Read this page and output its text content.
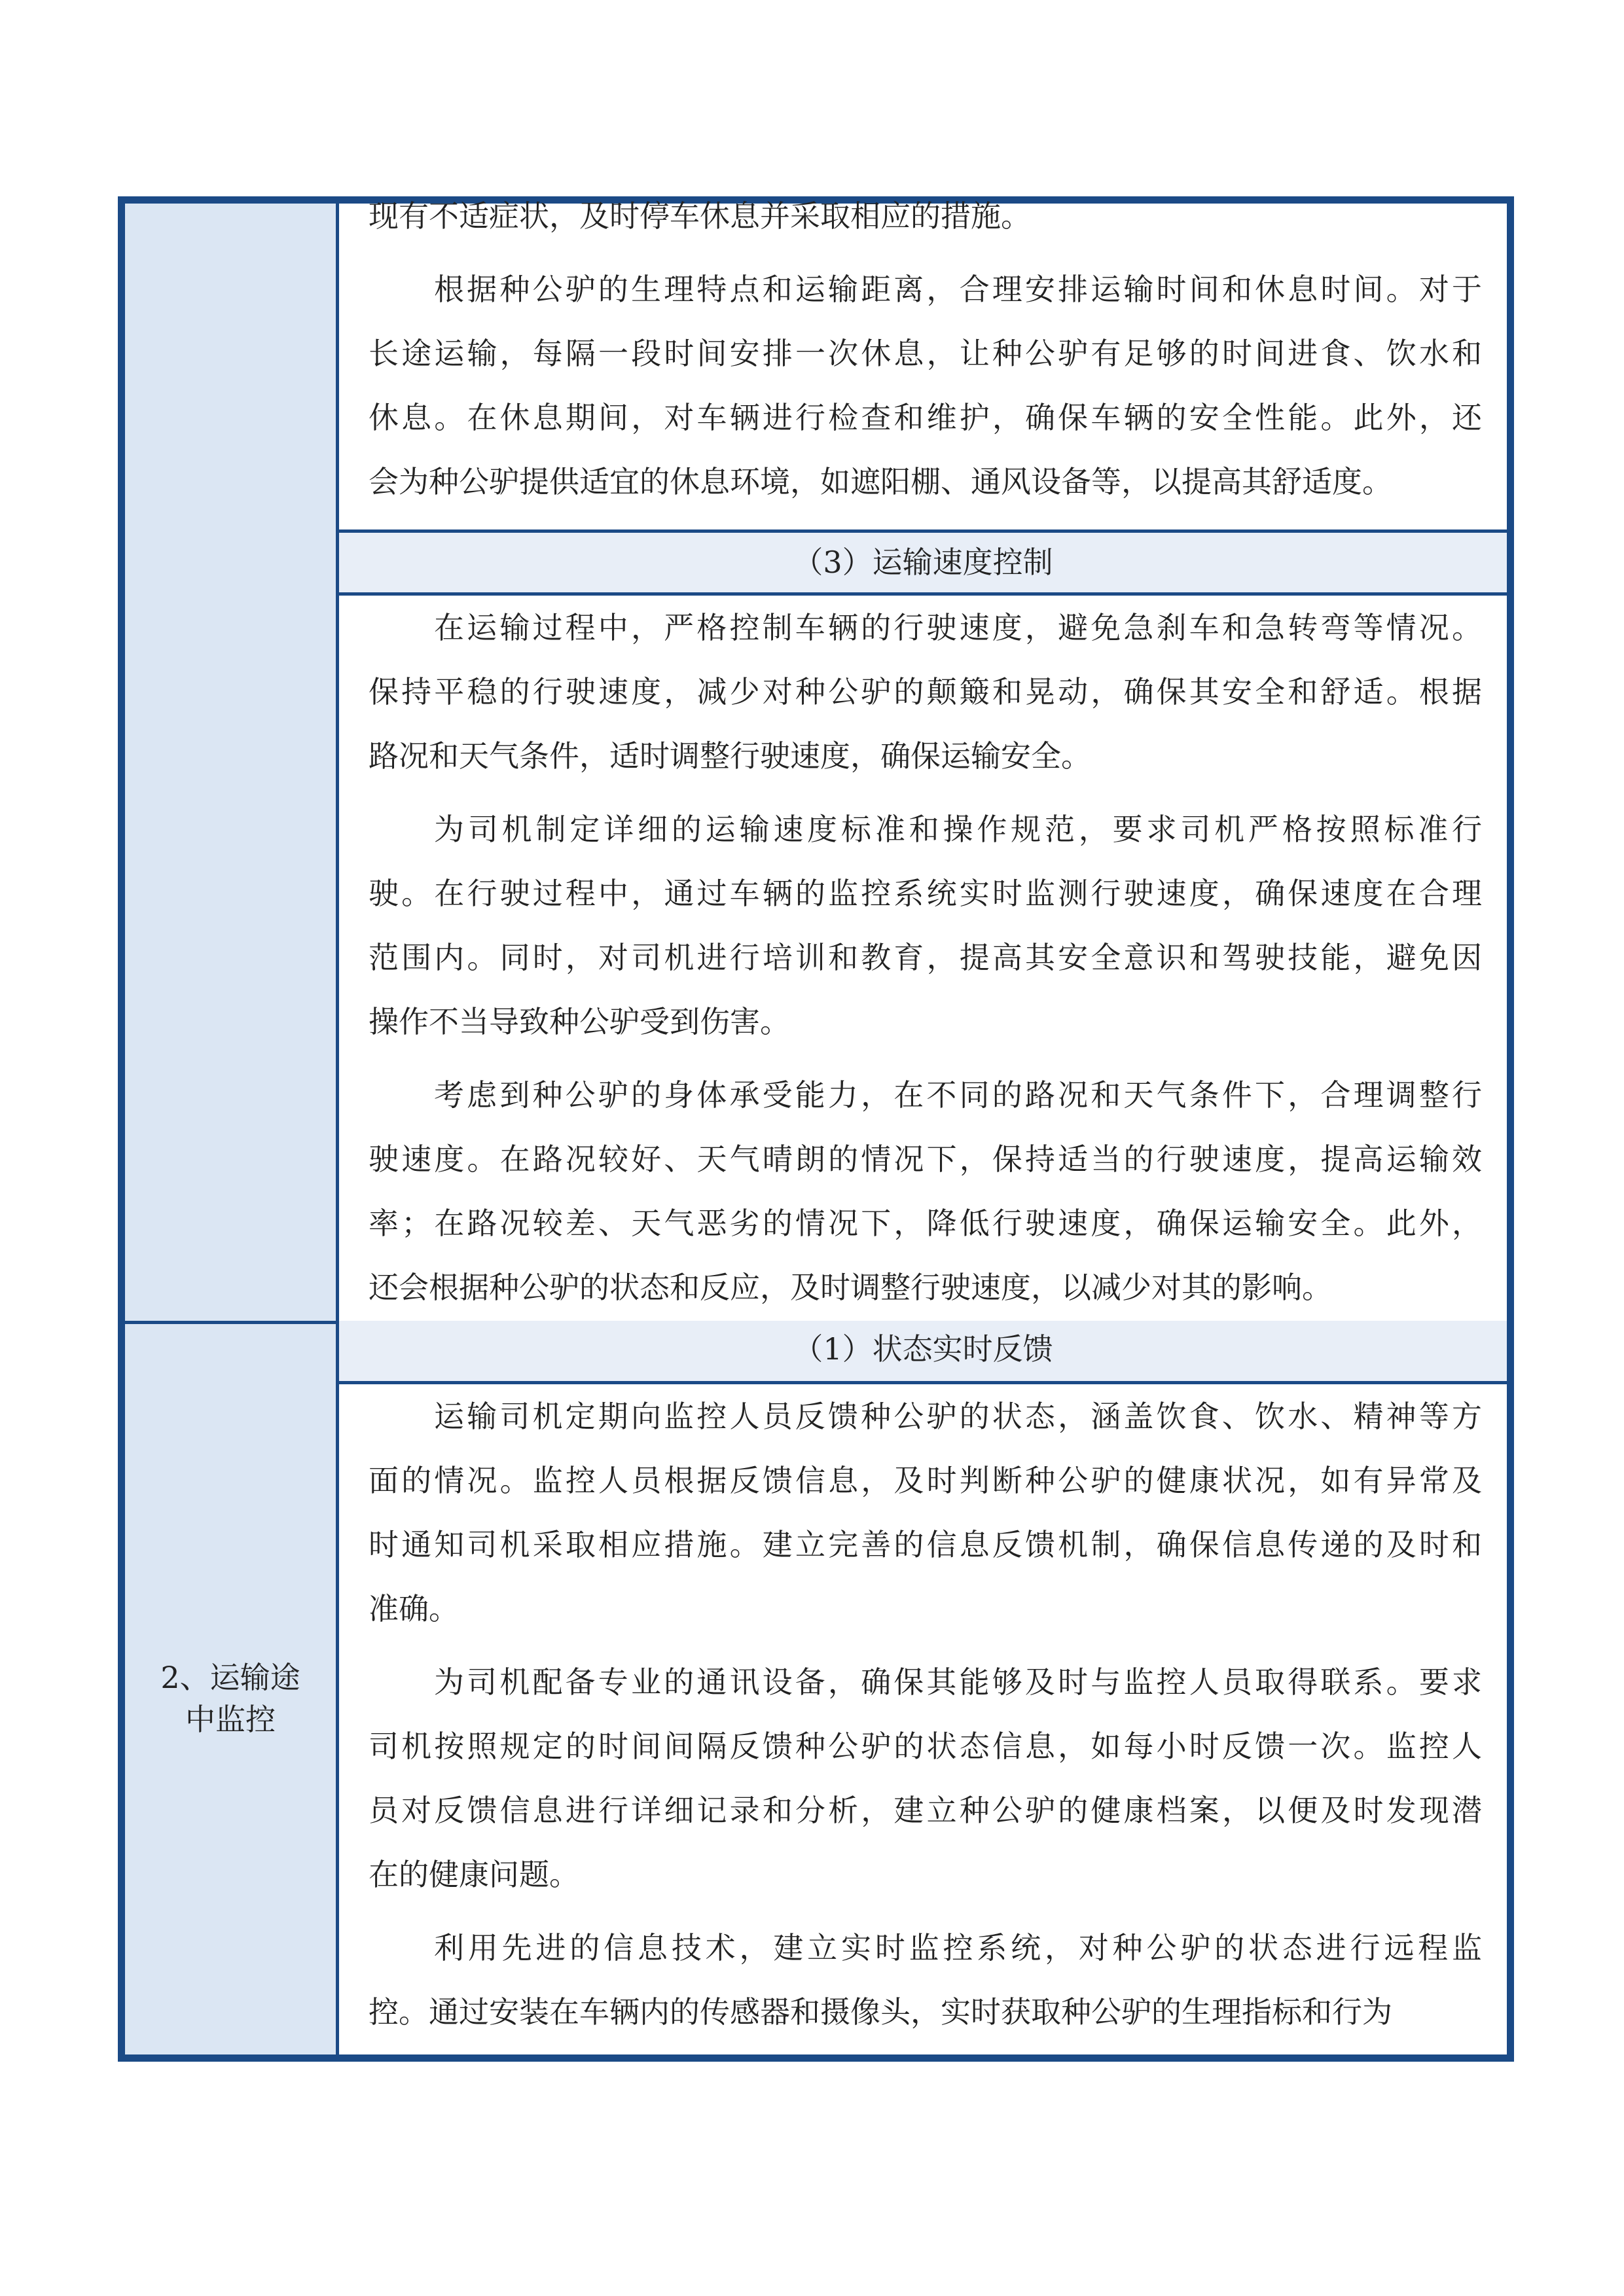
2、运输途
中监控
现有不适症状，及时停车休息并采取相应的措施。
根据种公驴的生理特点和运输距离，合理安排运输时间和休息时间。对于
长途运输，每隔一段时间安排一次休息，让种公驴有足够的时间进食、饮水和
休息。在休息期间，对车辆进行检查和维护，确保车辆的安全性能。此外，还
会为种公驴提供适宜的休息环境，如遮阳棚、通风设备等，以提高其舒适度。
（3）运输速度控制
在运输过程中，严格控制车辆的行驶速度，避免急刹车和急转弯等情况。
保持平稳的行驶速度，减少对种公驴的颠簸和晃动，确保其安全和舒适。根据
路况和天气条件，适时调整行驶速度，确保运输安全。
为司机制定详细的运输速度标准和操作规范，要求司机严格按照标准行
驶。在行驶过程中，通过车辆的监控系统实时监测行驶速度，确保速度在合理
范围内。同时，对司机进行培训和教育，提高其安全意识和驾驶技能，避免因
操作不当导致种公驴受到伤害。
考虑到种公驴的身体承受能力，在不同的路况和天气条件下，合理调整行
驶速度。在路况较好、天气晴朗的情况下，保持适当的行驶速度，提高运输效
率；在路况较差、天气恶劣的情况下，降低行驶速度，确保运输安全。此外，
还会根据种公驴的状态和反应，及时调整行驶速度，以减少对其的影响。
（1）状态实时反馈
运输司机定期向监控人员反馈种公驴的状态，涵盖饮食、饮水、精神等方
面的情况。监控人员根据反馈信息，及时判断种公驴的健康状况，如有异常及
时通知司机采取相应措施。建立完善的信息反馈机制，确保信息传递的及时和
准确。
为司机配备专业的通讯设备，确保其能够及时与监控人员取得联系。要求
司机按照规定的时间间隔反馈种公驴的状态信息，如每小时反馈一次。监控人
员对反馈信息进行详细记录和分析，建立种公驴的健康档案，以便及时发现潜
在的健康问题。
利用先进的信息技术，建立实时监控系统，对种公驴的状态进行远程监
控。通过安装在车辆内的传感器和摄像头，实时获取种公驴的生理指标和行为
